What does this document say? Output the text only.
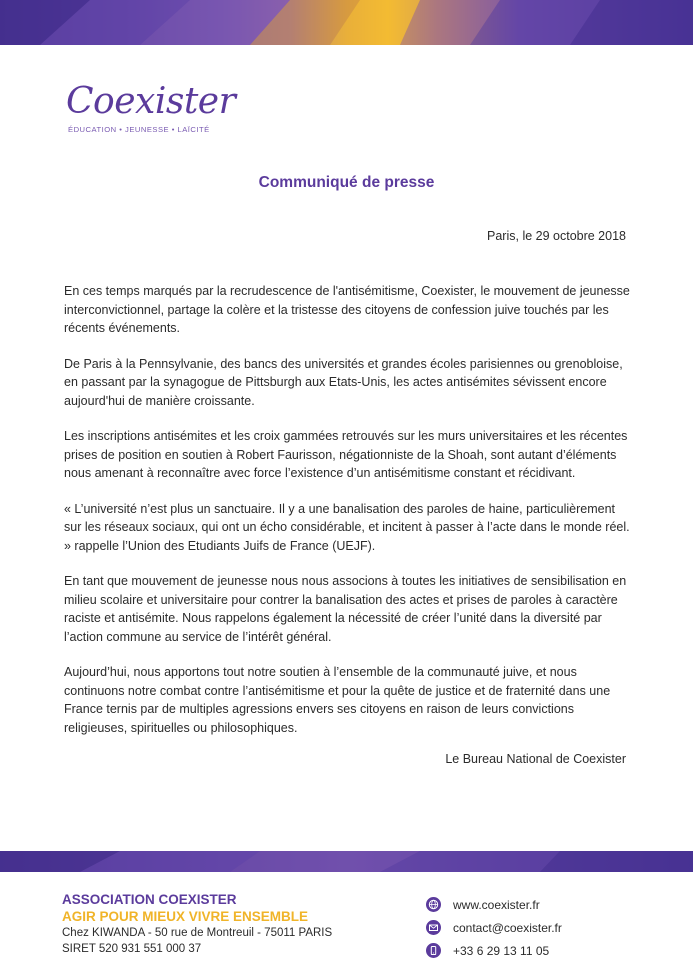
Coexister
ÉDUCATION • JEUNESSE • LAÏCITÉ
Communiqué de presse
Paris, le 29 octobre 2018

En ces temps marqués par la recrudescence de l'antisémitisme, Coexister, le mouvement de jeunesse interconvictionnel, partage la colère et la tristesse des citoyens de confession juive touchés par les récents événements.

De Paris à la Pennsylvanie, des bancs des universités et grandes écoles parisiennes ou grenobloise, en passant par la synagogue de Pittsburgh aux Etats-Unis, les actes antisémites sévissent encore aujourd'hui de manière croissante.

Les inscriptions antisémites et les croix gammées retrouvés sur les murs universitaires et les récentes prises de position en soutien à Robert Faurisson, négationniste de la Shoah, sont autant d’éléments nous amenant à reconnaître avec force l’existence d’un antisémitisme constant et récidivant.

« L’université n’est plus un sanctuaire. Il y a une banalisation des paroles de haine, particulièrement sur les réseaux sociaux, qui ont un écho considérable, et incitent à passer à l’acte dans le monde réel. » rappelle l’Union des Etudiants Juifs de France (UEJF).

En tant que mouvement de jeunesse nous nous associons à toutes les initiatives de sensibilisation en milieu scolaire et universitaire pour contrer la banalisation des actes et prises de paroles à caractère raciste et antisémite. Nous rappelons également la nécessité de créer l’unité dans la diversité par l’action commune au service de l’intérêt général.

Aujourd’hui, nous apportons tout notre soutien à l’ensemble de la communauté juive, et nous continuons notre combat contre l’antisémitisme et pour la quête de justice et de fraternité dans une France ternis par de multiples agressions envers ses citoyens en raison de leurs convictions religieuses, spirituelles ou philosophiques.

Le Bureau National de Coexister
ASSOCIATION COEXISTER
AGIR POUR MIEUX VIVRE ENSEMBLE
Chez KIWANDA - 50 rue de Montreuil - 75011 PARIS
SIRET 520 931 551 000 37
www.coexister.fr
contact@coexister.fr
+33 6 29 13 11 05
